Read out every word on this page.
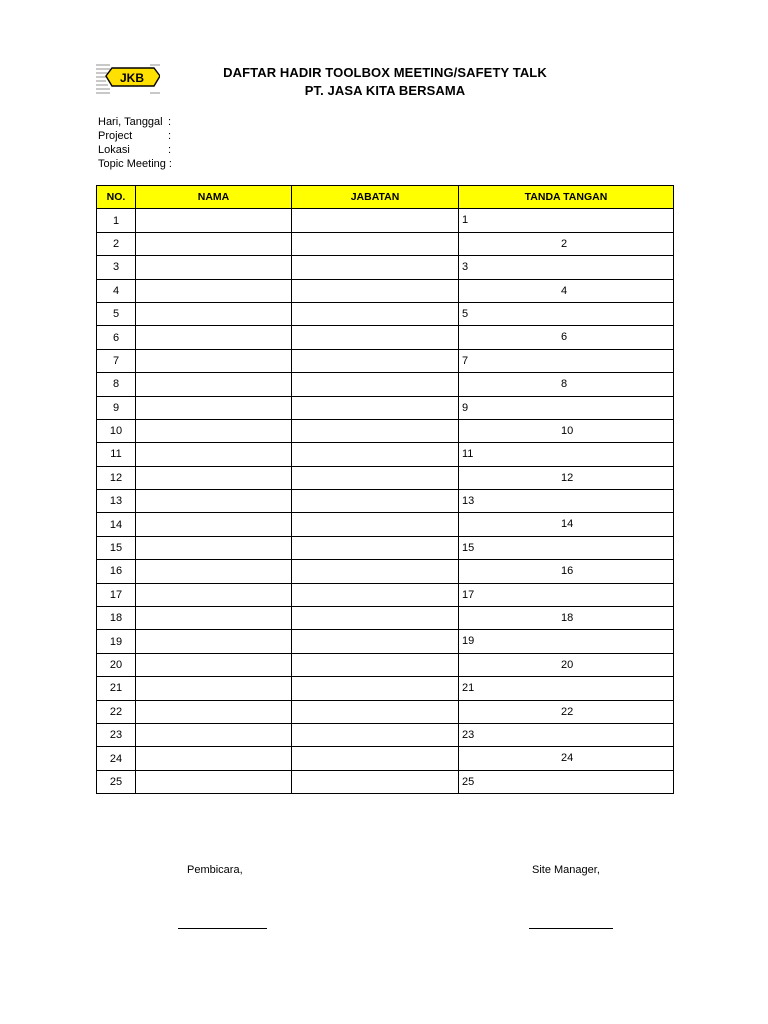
JKB	DAFTAR HADIR TOOLBOX MEETING/SAFETY TALK
PT. JASA KITA BERSAMA
Hari, Tanggal :
Project	:
Lokasi	:
Topic Meeting :
NO.	NAMA	JABATAN	TANDA TANGAN
1			1

2			2

3			3

4			4

5			5

6			6

7			7

8			8

9			9

10			10

11			11

12			12

13			13

14			14

15			15

16			16

17			17

18			18

19			19

20			20

21			21

22			22

23			23

24			24

25			25
Pembicara,	Site Manager,
